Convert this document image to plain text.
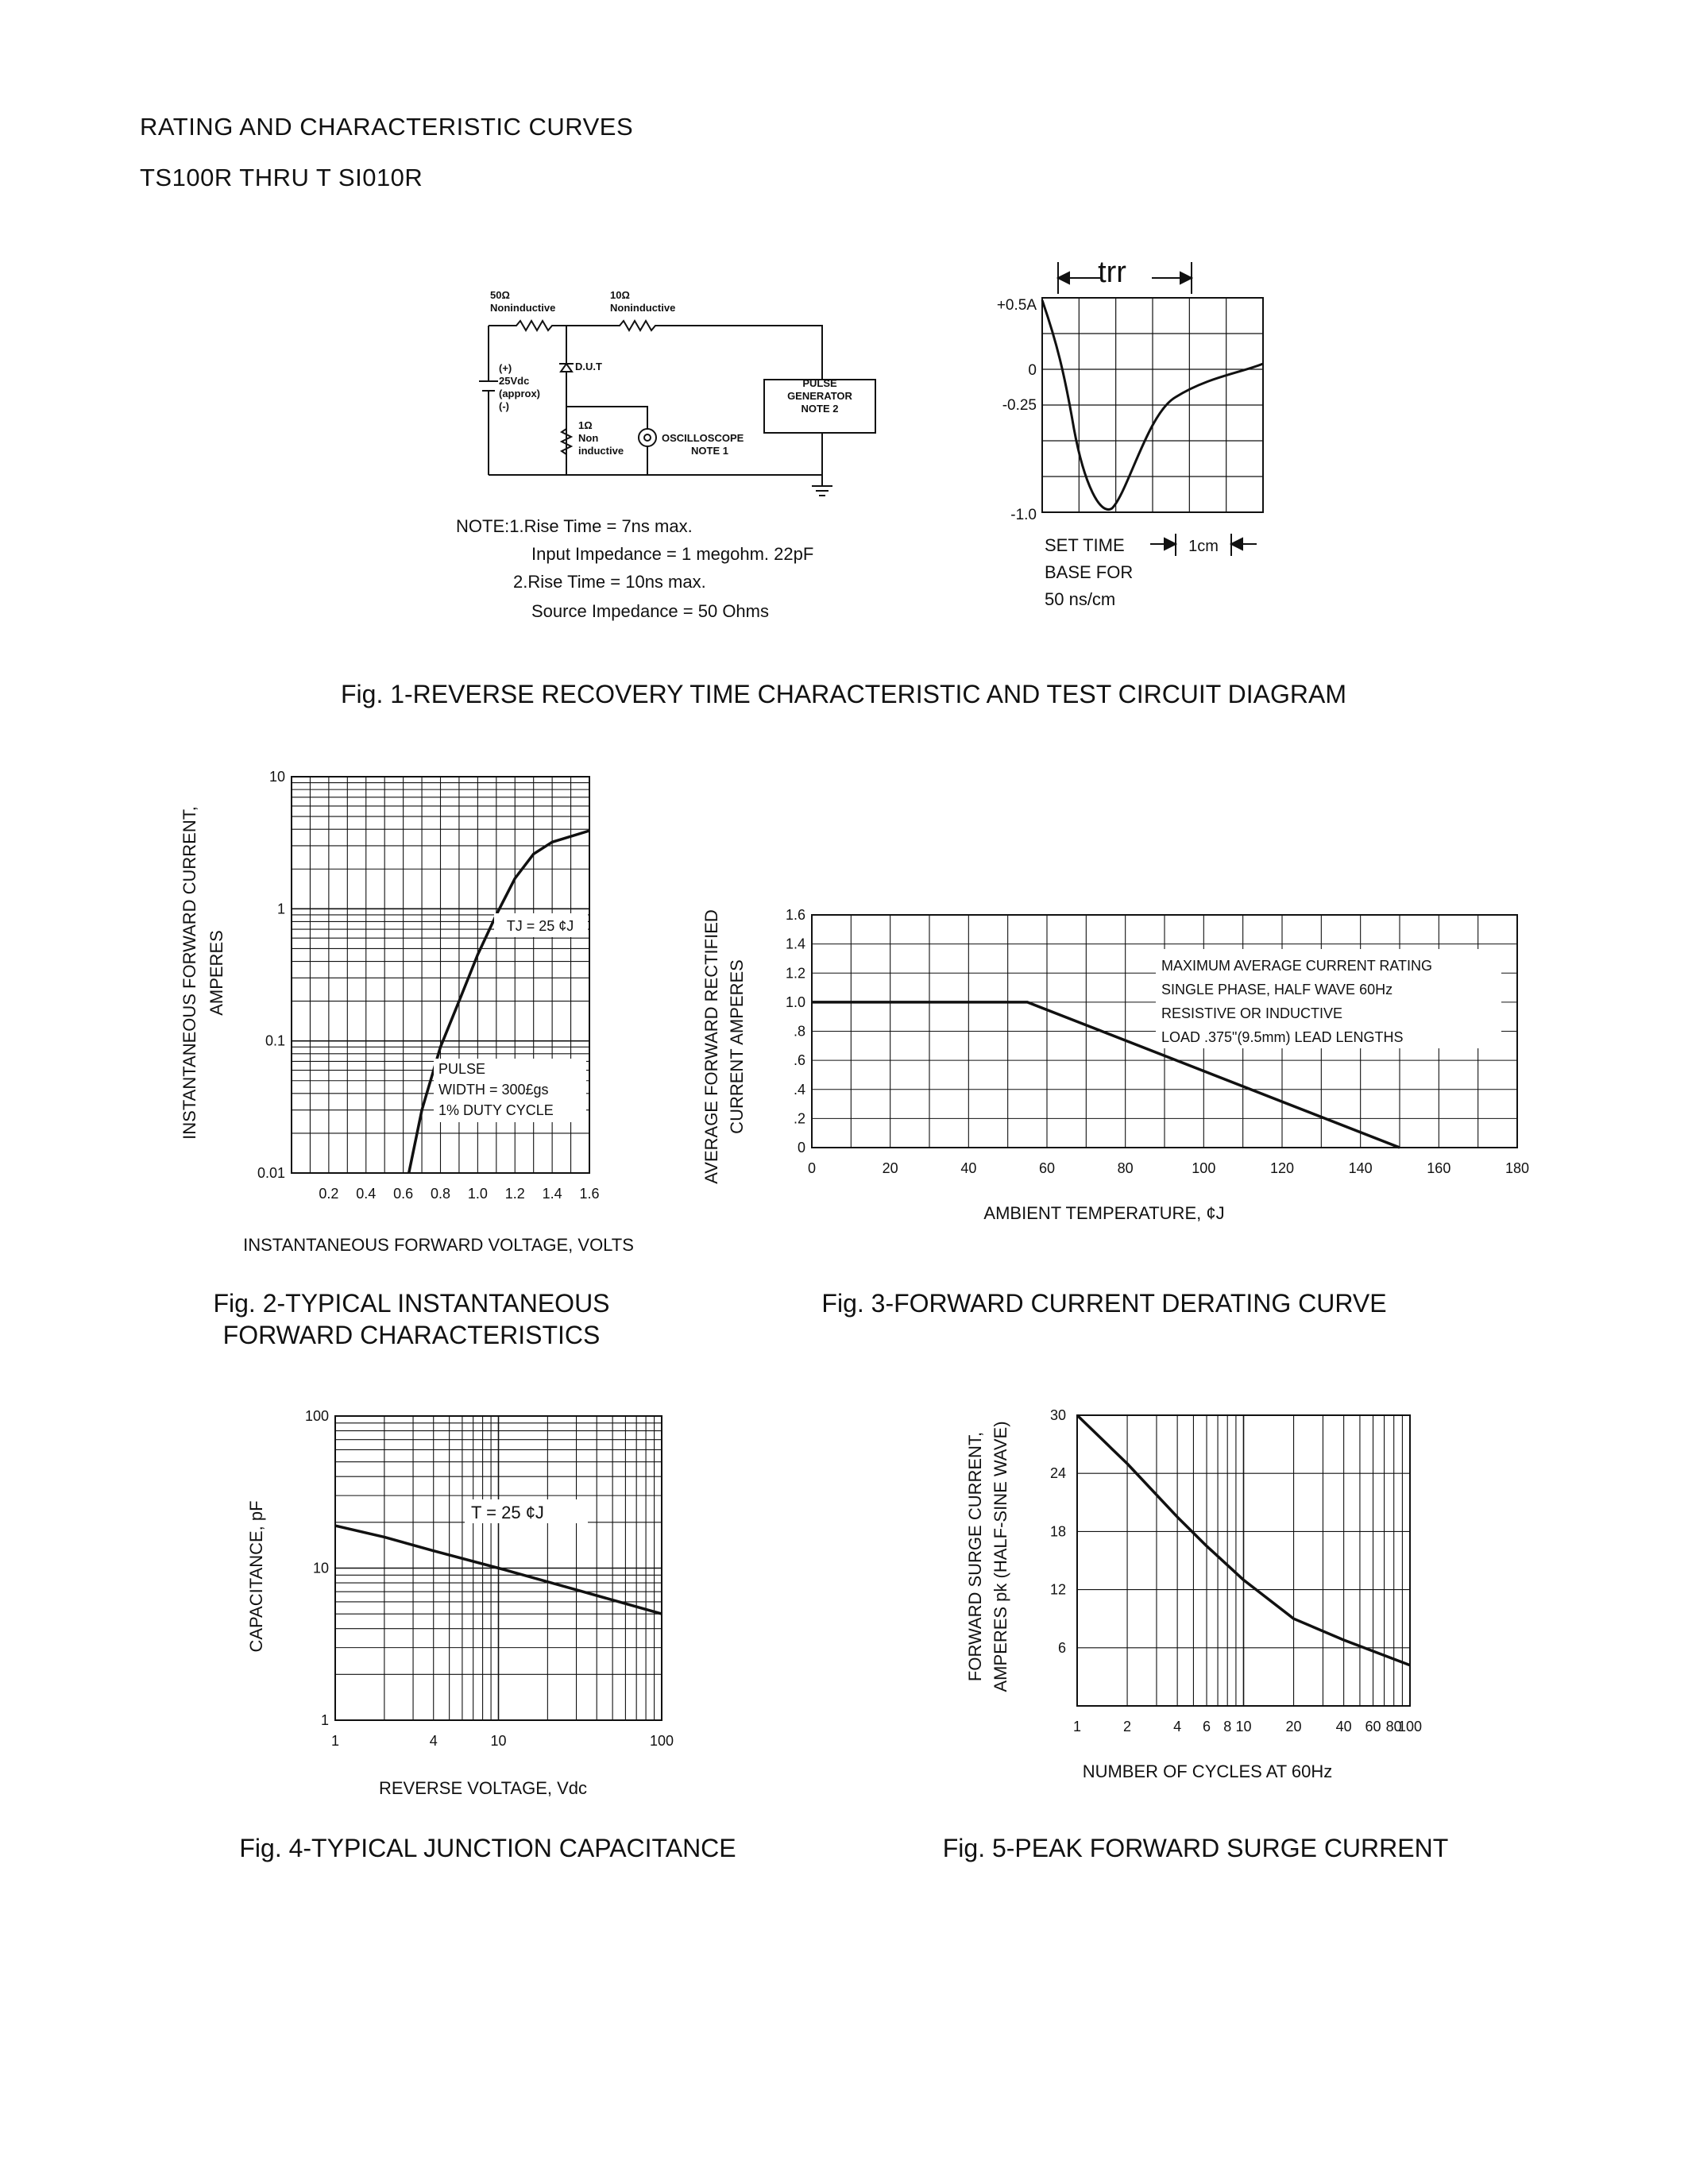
RATING AND CHARACTERISTIC CURVES
TS100R THRU T SI010R
50Ω
Noninductive
10Ω
Noninductive
(+)
25Vdc
(approx)
(-)
D.U.T
PULSE
GENERATOR
NOTE 2
1Ω
Non
inductive
OSCILLOSCOPE
NOTE 1
NOTE:1.Rise Time = 7ns max.
Input Impedance = 1 megohm. 22pF
2.Rise Time = 10ns max.
Source Impedance = 50 Ohms
trr
+0.5A
0
-0.25
-1.0
SET TIME
BASE FOR
50 ns/cm
1cm
Fig. 1-REVERSE RECOVERY TIME CHARACTERISTIC AND TEST CIRCUIT DIAGRAM
0.01
0.1
1
10
0.2 0.4 0.6 0.8 1.0 1.2 1.4 1.6
TJ = 25 ¢J
PULSE
WIDTH = 300£gs
1% DUTY CYCLE
0
.2
.4
.6
.8
1.0
1.2
1.4
1.6
0	20	40	60	80	100	120	140	160	180
MAXIMUM AVERAGE CURRENT RATING
SINGLE PHASE, HALF WAVE 60Hz
RESISTIVE OR INDUCTIVE
LOAD .375"(9.5mm) LEAD LENGTHS
1
10
100
1	4	10	100
T = 25 ¢J
6
12
18
24
30
1	2	4 6 8 10 20 40 60 80
100
INSTANTANEOUS FORWARD VOLTAGE, VOLTS
INSTANTANEOUS FORWARD CURRENT, AMPERES
Fig. 2-TYPICAL INSTANTANEOUS
FORWARD CHARACTERISTICS
AMBIENT TEMPERATURE, ¢J
AVERAGE FORWARD RECTIFIED CURRENT AMPERES
Fig. 3-FORWARD CURRENT DERATING CURVE
REVERSE VOLTAGE, Vdc
CAPACITANCE, pF
Fig. 4-TYPICAL JUNCTION CAPACITANCE
NUMBER OF CYCLES AT 60Hz
FORWARD SURGE CURRENT, AMPERES pk (HALF-SINE WAVE)
Fig. 5-PEAK FORWARD SURGE CURRENT
